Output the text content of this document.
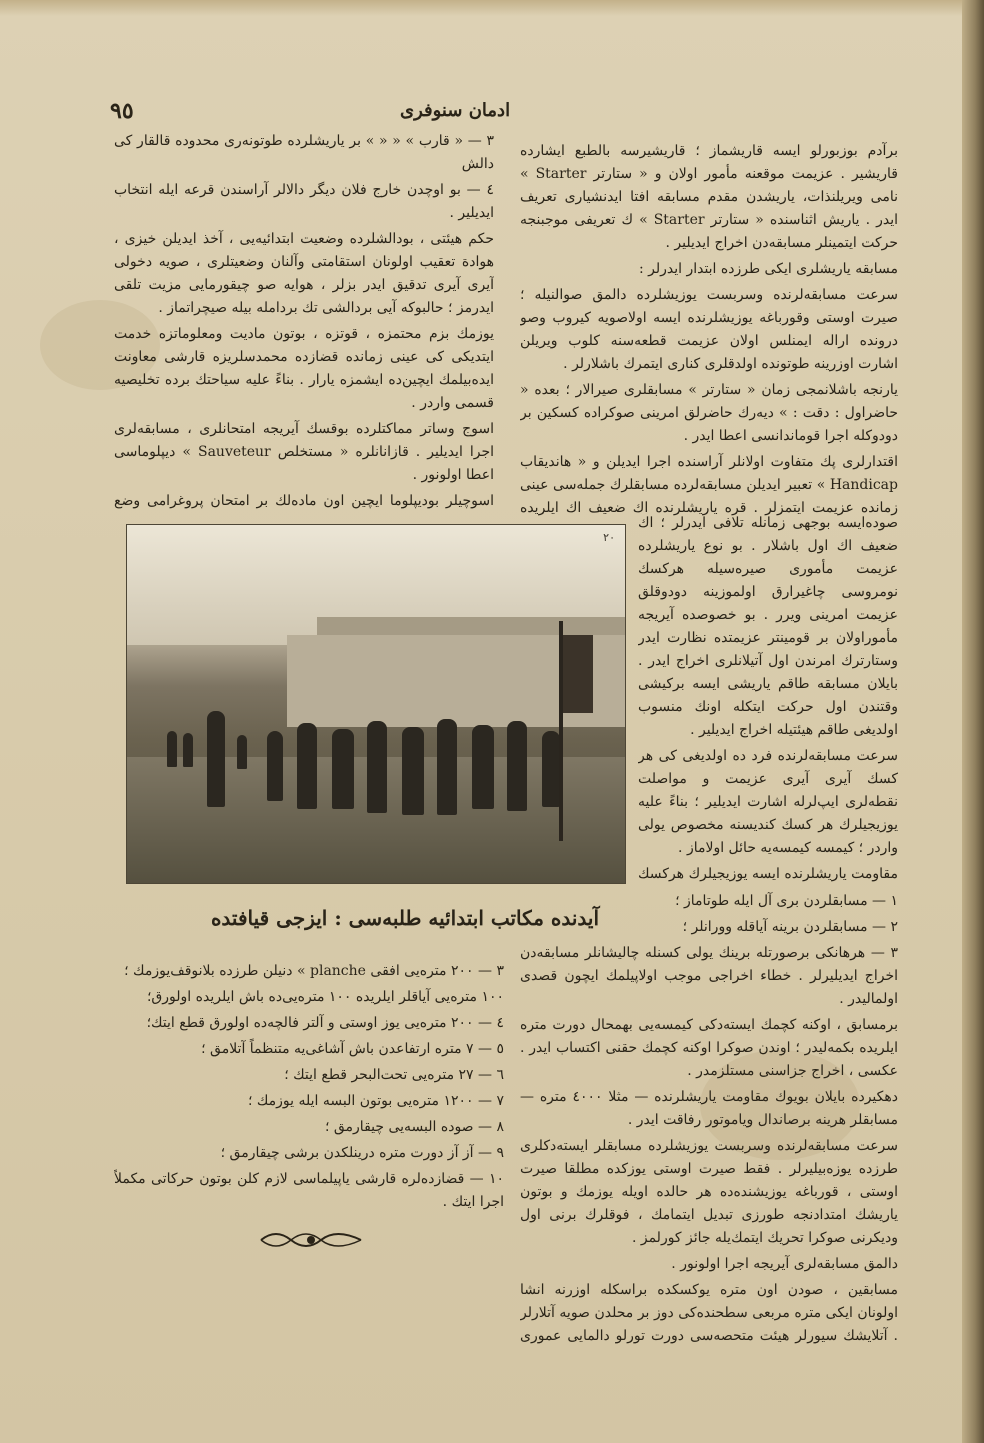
٩٥	ادمان سنوفرى

برآدم بوزبورلو ايسه قاريشماز ؛ قاريشيرسه بالطبع ايشارده قاريشير . عزيمت موقعنه مأمور اولان و « ستارتر Starter » نامى ويريلنذات، ياريشدن مقدم مسابقه افتا ايدنشيارى تعريف ايدر . ياريش اثناسنده « ستارتر Starter » ك تعريفى موجبنجه حركت ايتمينلر مسابقه‌دن اخراج ايديلير .

مسابقه ياريشلرى ايكى طرزده ابتدار ايدرلر :

سرعت مسابقه‌لرنده وسربست يوزيشلرده دالمق صوالنيله ؛ صيرت اوستى وقورباغه يوزيشلرنده ايسه اولاصويه كيروب وصو درونده اراله ايمنلس اولان عزيمت قطعه‌سنه كلوب ويريلن اشارت اوزرينه طوتونده اولدقلرى كنارى ايتمرك باشلارلر .

يارنجه باشلانمجى زمان « ستارتر » مسابقلرى صيرالار ؛ بعده « حاضراول : دقت : » ديه‌رك حاضرلق امرينى صوكراده كسكين بر دودوكله اجرا قوماندانسى اعطا ايدر .

اقتدارلرى پك متفاوت اولانلر آراسنده اجرا ايديلن و « هانديقاب Handicap » تعبير ايديلن مسابقه‌لرده مسابقلرك جمله‌سى عينى زمانده عزيمت ايتمزلر . قره ياريشلرنده اك ضعيف اك ايلريده

٣ — « قارب » « « » بر ياريشلرده طوتونه‌رى محدوده قالقار كى دالش

٤ — بو اوچدن خارج فلان ديگر دالالر آراسندن قرعه ايله انتخاب ايديلير .

حكم هيئتى ، بودالشلرده وضعيت ابتدائيه‌يى ، آخذ ايديلن خيزى ، هوادة تعقيب اولونان استقامتى وآلنان وضعيتلرى ، صويه دخولى آيرى آيرى تدقيق ايدر بزلر ، هوايه صو چيقورمايى مزيت تلقى ايدرمز ؛ حالبوكه آيى بردالشى تك بردامله بيله صيچراتماز .

يوزمك بزم محتمزه ، قوتزه ، بوتون ماديت ومعلوماتزه خدمت ايتديكى كى عينى زمانده قضازده محمدسلريزه قارشى معاونت ايده‌بيلمك ايچين‌ده ايشمزه يارار . بناءً عليه سياحتك برده تخليصيه قسمى واردر .

اسوج وساتر مماكتلرده بوقسك آيريجه امتحانلرى ، مسابقه‌لرى اجرا ايديلير . قازانانلره « مستخلص Sauveteur » ديپلوماسى اعطا اولونور .

اسوچيلر بوديپلوما ايچين اون مادەلك بر امتحان پروغرامى وضع

٢٠

صوده‌ايسه بوجهى زمانله تلافى ايدرلر ؛ اك ضعيف اك اول باشلار . بو نوع ياريشلرده عزيمت مأمورى صيره‌سيله هركسك نومروسى چاغيرارق اولموزينه دودوقلق عزيمت امرينى ويرر . بو خصوصده آيريجه مأموراولان بر قومينتر عزيمتده نظارت ايدر وستارترك امرندن اول آتيلانلرى اخراج ايدر . بايلان مسابقه طاقم ياريشى ايسه بركيشى وقتندن اول حركت ايتكله اونك منسوب اولديغى طاقم هيئتيله اخراج ايديلير .

سرعت مسابقه‌لرنده فرد ده اولديغى كى هر كسك آيرى آيرى عزيمت و مواصلت نقطه‌لرى ايپ‌لرله اشارت ايديلير ؛ بناءً عليه يوزيجيلرك هر كسك كنديسنه مخصوص يولى واردر ؛ كيمسه كيمسه‌يه حائل اولاماز .

مقاومت ياريشلرنده ايسه يوزيجيلرك هركسك

آيدنده مكاتب ابتدائيه طلبه‌سى : ايزجى قيافتده

١ — مسابقلردن برى آل ايله طوتاماز ؛

٢ — مسابقلردن برينه آياقله وورانلر ؛

٣ — هرهانكى برصورتله برينك يولى كسنله چاليشانلر مسابقه‌دن اخراج ايديليرلر . خطاء اخراجى موجب اولاپيلمك ايچون قصدى اولماليدر .

برمسابق ، اوكنه كچمك ايسته‌دكى كيمسه‌يى بهمحال دورت متره ايلريده بكمه‌ليدر ؛ اوندن صوكرا اوكنه كچمك حقنى اكتساب ايدر . عكسى ، اخراج جزاسنى مستلزمدر .

دهكيرده بايلان بويوك مقاومت ياريشلرنده — مثلا ٤٠٠٠ متره — مسابقلر هرينه برصاندال وياموتور رفاقت ايدر .

سرعت مسابقه‌لرنده وسربست يوزيشلرده مسابقلر ايسته‌دكلرى طرزده يوزه‌بيليرلر . فقط صيرت اوستى يوزكده مطلقا صيرت اوستى ، قورباغه يوزيشنده‌ده هر حالده اويله يوزمك و بوتون ياريشك امتدادنجه طورزى تبديل ايتمامك ، فوقلرك برنى اول وديكرنى صوكرا تحريك ايتمك‌يله جائز كورلمز .

دالمق مسابقه‌لرى آيريجه اجرا اولونور .

مسابقين ، صودن اون متره يوكسكده براسكله اوزرنه انشا اولونان ايكى متره مربعى سطحنده‌كى دوز بر محلدن صويه آتلارلر . آتلايشك سيورلر هيئت متحصه‌سى دورت تورلو دالمايى عمورى

٣ — ٢٠٠ متره‌يى افقى planche » دنيلن طرزده بلانوقف‌يوزمك ؛

١٠٠ متره‌يى آياقلر ايلريده ١٠٠ متره‌يى‌ده باش ايلريده اولورق؛

٤ — ٢٠٠ متره‌يى يوز اوستى و آلتر فالچه‌ده اولورق قطع ايتك؛

٥ — ٧ متره ارتفاعدن باش آشاغى‌يه متنظماً آتلامق ؛

٦ — ٢٧ متره‌يى تحت‌البحر قطع ايتك ؛

٧ — ١٢٠٠ متره‌يى بوتون البسه ايله يوزمك ؛

٨ — صوده البسه‌يى چيقارمق ؛

٩ — آز آز دورت متره درينلكدن برشى چيقارمق ؛

١٠ — قضازده‌لره قارشى ياپيلماسى لازم كلن بوتون حركاتى مكملاً اجرا ايتك .
